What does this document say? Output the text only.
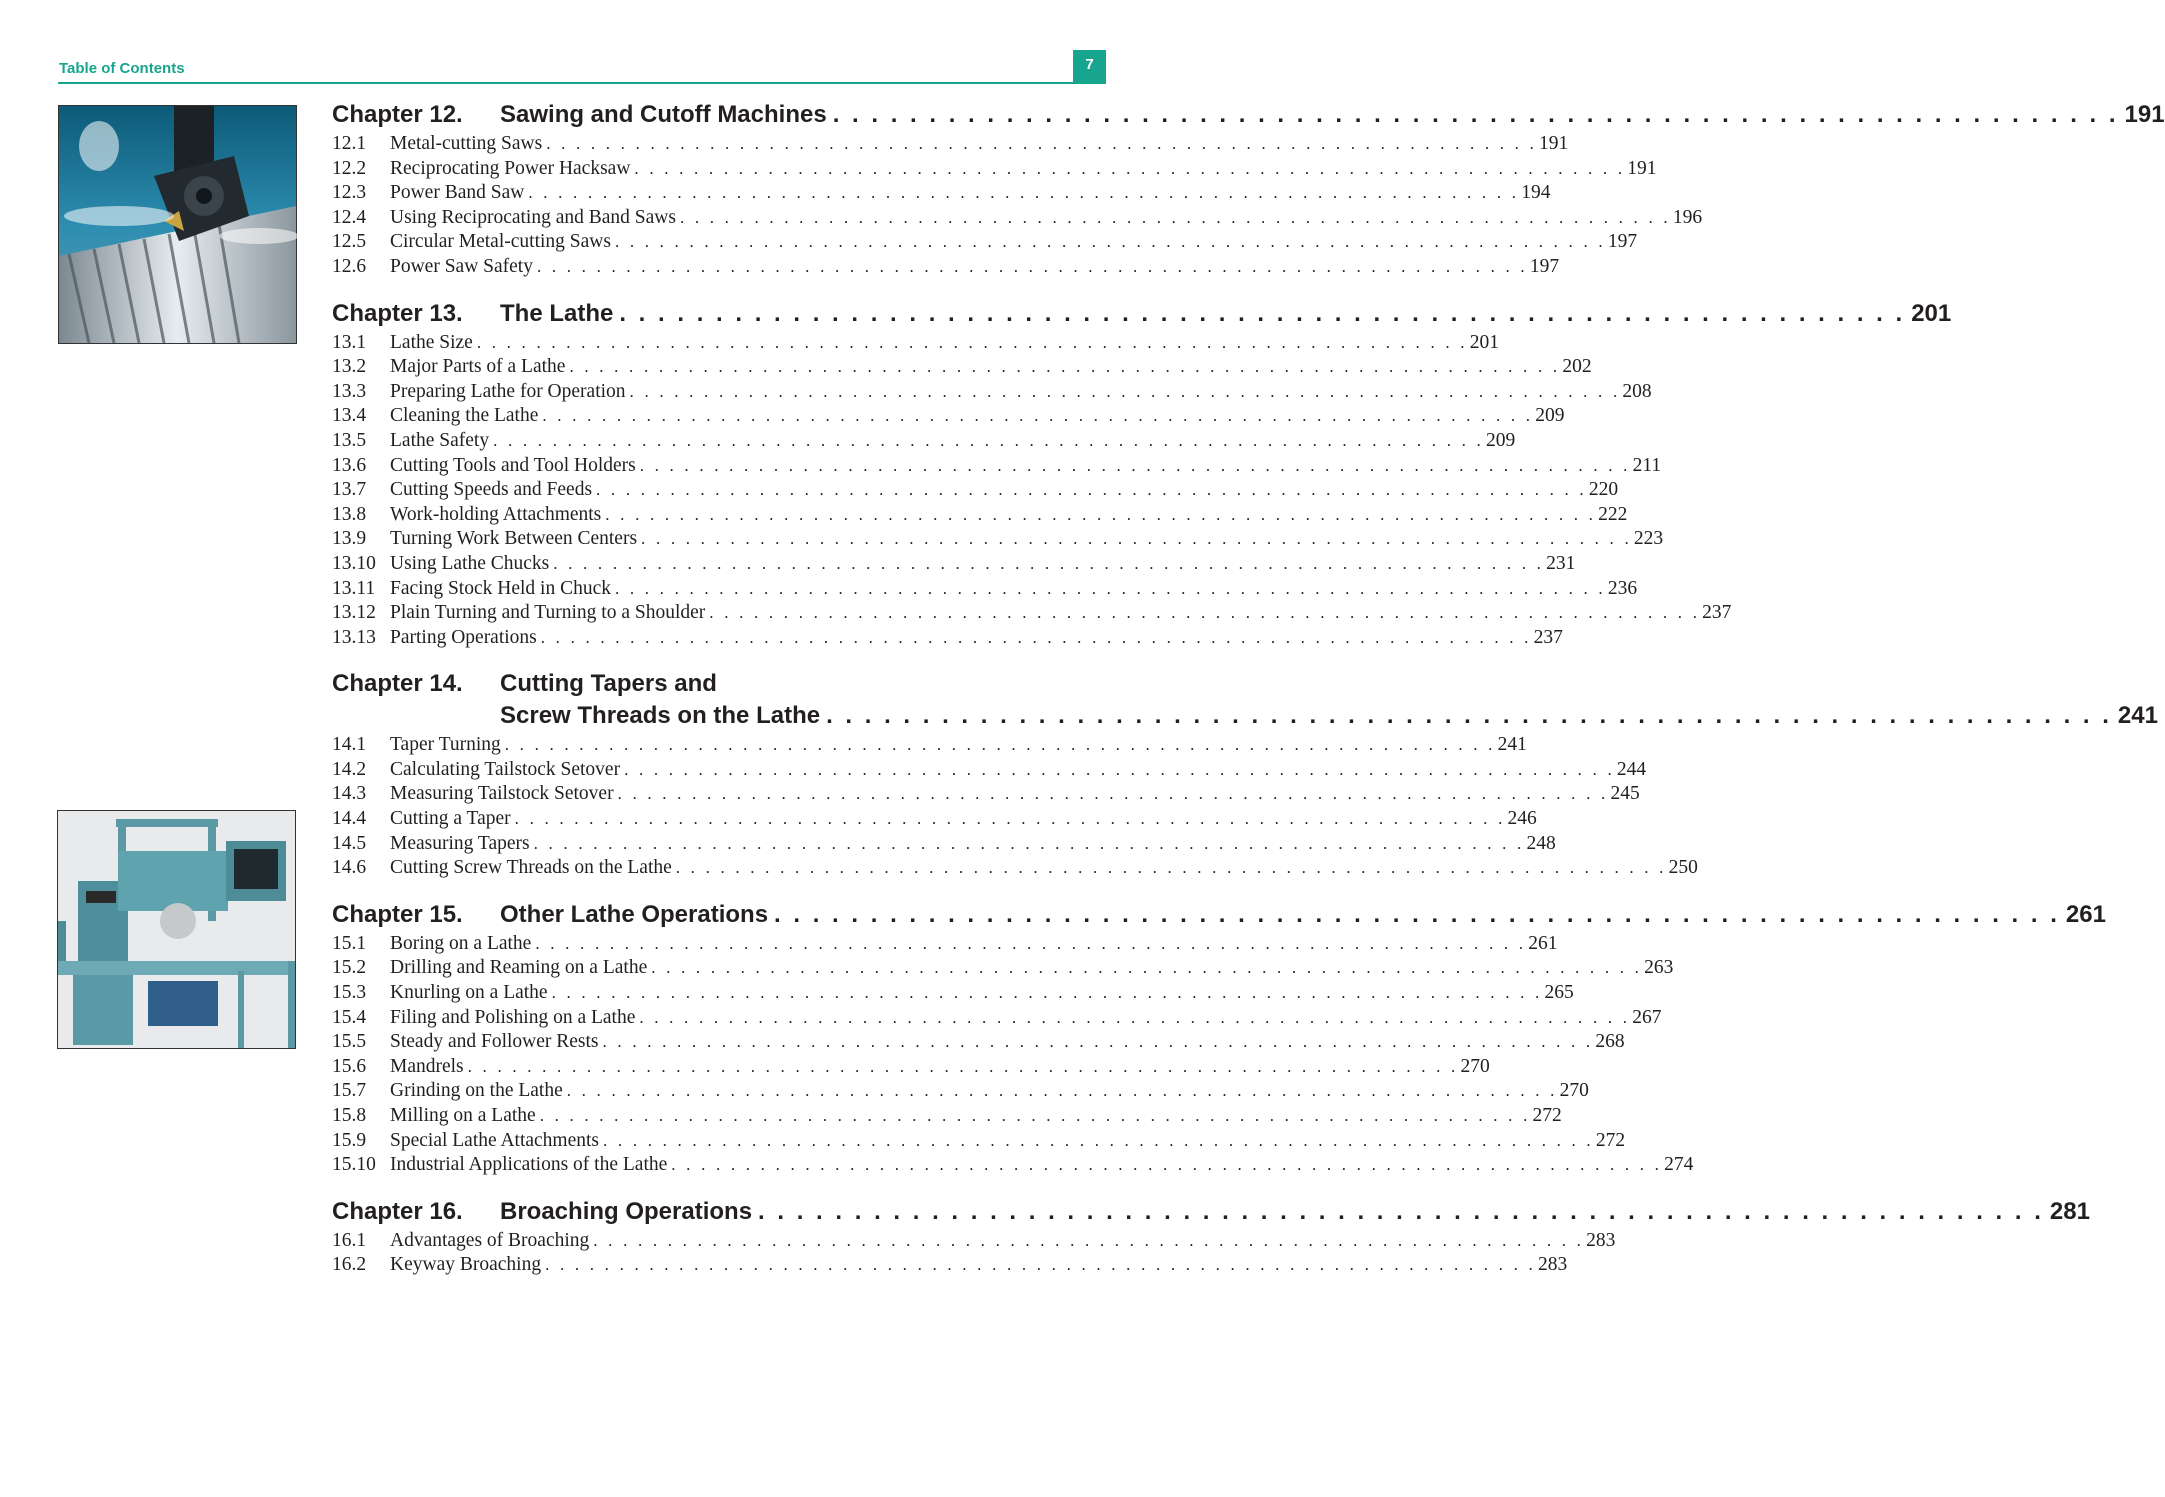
Table of Contents	7
Chapter 12.	Sawing and Cutoff Machines . . . . . . . . . . . . . . . . . . . . . . . . . . . . . . . . . . . . . . . . . . . . . . . . . . . . . . . . . . . . . . . . . . . 191
12.1	Metal-cutting Saws . . . . . . . . . . . . . . . . . . . . . . . . . . . . . . . . . . . . . . . . . . . . . . . . . . . . . . . . . . . . . . . . . . . 191
12.2	Reciprocating Power Hacksaw . . . . . . . . . . . . . . . . . . . . . . . . . . . . . . . . . . . . . . . . . . . . . . . . . . . . . . . . . . . . . . . . . . . 191
12.3	Power Band Saw . . . . . . . . . . . . . . . . . . . . . . . . . . . . . . . . . . . . . . . . . . . . . . . . . . . . . . . . . . . . . . . . . . . 194
12.4	Using Reciprocating and Band Saws . . . . . . . . . . . . . . . . . . . . . . . . . . . . . . . . . . . . . . . . . . . . . . . . . . . . . . . . . . . . . . . . . . . 196
12.5	Circular Metal-cutting Saws . . . . . . . . . . . . . . . . . . . . . . . . . . . . . . . . . . . . . . . . . . . . . . . . . . . . . . . . . . . . . . . . . . . 197
12.6	Power Saw Safety . . . . . . . . . . . . . . . . . . . . . . . . . . . . . . . . . . . . . . . . . . . . . . . . . . . . . . . . . . . . . . . . . . . 197
Chapter 13.	The Lathe . . . . . . . . . . . . . . . . . . . . . . . . . . . . . . . . . . . . . . . . . . . . . . . . . . . . . . . . . . . . . . . . . . . 201
13.1	Lathe Size . . . . . . . . . . . . . . . . . . . . . . . . . . . . . . . . . . . . . . . . . . . . . . . . . . . . . . . . . . . . . . . . . . . 201
13.2	Major Parts of a Lathe . . . . . . . . . . . . . . . . . . . . . . . . . . . . . . . . . . . . . . . . . . . . . . . . . . . . . . . . . . . . . . . . . . . 202
13.3	Preparing Lathe for Operation . . . . . . . . . . . . . . . . . . . . . . . . . . . . . . . . . . . . . . . . . . . . . . . . . . . . . . . . . . . . . . . . . . . 208
13.4	Cleaning the Lathe . . . . . . . . . . . . . . . . . . . . . . . . . . . . . . . . . . . . . . . . . . . . . . . . . . . . . . . . . . . . . . . . . . . 209
13.5	Lathe Safety . . . . . . . . . . . . . . . . . . . . . . . . . . . . . . . . . . . . . . . . . . . . . . . . . . . . . . . . . . . . . . . . . . . 209
13.6	Cutting Tools and Tool Holders . . . . . . . . . . . . . . . . . . . . . . . . . . . . . . . . . . . . . . . . . . . . . . . . . . . . . . . . . . . . . . . . . . . 211
13.7	Cutting Speeds and Feeds . . . . . . . . . . . . . . . . . . . . . . . . . . . . . . . . . . . . . . . . . . . . . . . . . . . . . . . . . . . . . . . . . . . 220
13.8	Work-holding Attachments . . . . . . . . . . . . . . . . . . . . . . . . . . . . . . . . . . . . . . . . . . . . . . . . . . . . . . . . . . . . . . . . . . . 222
13.9	Turning Work Between Centers . . . . . . . . . . . . . . . . . . . . . . . . . . . . . . . . . . . . . . . . . . . . . . . . . . . . . . . . . . . . . . . . . . . 223
13.10 Using Lathe Chucks . . . . . . . . . . . . . . . . . . . . . . . . . . . . . . . . . . . . . . . . . . . . . . . . . . . . . . . . . . . . . . . . . . . 231
13.11 Facing Stock Held in Chuck . . . . . . . . . . . . . . . . . . . . . . . . . . . . . . . . . . . . . . . . . . . . . . . . . . . . . . . . . . . . . . . . . . . 236
13.12 Plain Turning and Turning to a Shoulder . . . . . . . . . . . . . . . . . . . . . . . . . . . . . . . . . . . . . . . . . . . . . . . . . . . . . . . . . . . . . . . . . . . 237
13.13 Parting Operations . . . . . . . . . . . . . . . . . . . . . . . . . . . . . . . . . . . . . . . . . . . . . . . . . . . . . . . . . . . . . . . . . . . 237
Chapter 14.	Cutting Tapers and
Screw Threads on the Lathe . . . . . . . . . . . . . . . . . . . . . . . . . . . . . . . . . . . . . . . . . . . . . . . . . . . . . . . . . . . . . . . . . . . 241
14.1	Taper Turning . . . . . . . . . . . . . . . . . . . . . . . . . . . . . . . . . . . . . . . . . . . . . . . . . . . . . . . . . . . . . . . . . . . 241
14.2	Calculating Tailstock Setover . . . . . . . . . . . . . . . . . . . . . . . . . . . . . . . . . . . . . . . . . . . . . . . . . . . . . . . . . . . . . . . . . . . 244
14.3	Measuring Tailstock Setover . . . . . . . . . . . . . . . . . . . . . . . . . . . . . . . . . . . . . . . . . . . . . . . . . . . . . . . . . . . . . . . . . . . 245
14.4	Cutting a Taper . . . . . . . . . . . . . . . . . . . . . . . . . . . . . . . . . . . . . . . . . . . . . . . . . . . . . . . . . . . . . . . . . . . 246
14.5	Measuring Tapers . . . . . . . . . . . . . . . . . . . . . . . . . . . . . . . . . . . . . . . . . . . . . . . . . . . . . . . . . . . . . . . . . . . 248
14.6	Cutting Screw Threads on the Lathe . . . . . . . . . . . . . . . . . . . . . . . . . . . . . . . . . . . . . . . . . . . . . . . . . . . . . . . . . . . . . . . . . . . 250
Chapter 15.	Other Lathe Operations . . . . . . . . . . . . . . . . . . . . . . . . . . . . . . . . . . . . . . . . . . . . . . . . . . . . . . . . . . . . . . . . . . . 261
15.1	Boring on a Lathe . . . . . . . . . . . . . . . . . . . . . . . . . . . . . . . . . . . . . . . . . . . . . . . . . . . . . . . . . . . . . . . . . . . 261
15.2	Drilling and Reaming on a Lathe . . . . . . . . . . . . . . . . . . . . . . . . . . . . . . . . . . . . . . . . . . . . . . . . . . . . . . . . . . . . . . . . . . . 263
15.3	Knurling on a Lathe . . . . . . . . . . . . . . . . . . . . . . . . . . . . . . . . . . . . . . . . . . . . . . . . . . . . . . . . . . . . . . . . . . . 265
15.4	Filing and Polishing on a Lathe . . . . . . . . . . . . . . . . . . . . . . . . . . . . . . . . . . . . . . . . . . . . . . . . . . . . . . . . . . . . . . . . . . . 267
15.5	Steady and Follower Rests . . . . . . . . . . . . . . . . . . . . . . . . . . . . . . . . . . . . . . . . . . . . . . . . . . . . . . . . . . . . . . . . . . . 268
15.6	Mandrels . . . . . . . . . . . . . . . . . . . . . . . . . . . . . . . . . . . . . . . . . . . . . . . . . . . . . . . . . . . . . . . . . . . 270
15.7	Grinding on the Lathe . . . . . . . . . . . . . . . . . . . . . . . . . . . . . . . . . . . . . . . . . . . . . . . . . . . . . . . . . . . . . . . . . . . 270
15.8	Milling on a Lathe . . . . . . . . . . . . . . . . . . . . . . . . . . . . . . . . . . . . . . . . . . . . . . . . . . . . . . . . . . . . . . . . . . . 272
15.9	Special Lathe Attachments . . . . . . . . . . . . . . . . . . . . . . . . . . . . . . . . . . . . . . . . . . . . . . . . . . . . . . . . . . . . . . . . . . . 272
15.10 Industrial Applications of the Lathe . . . . . . . . . . . . . . . . . . . . . . . . . . . . . . . . . . . . . . . . . . . . . . . . . . . . . . . . . . . . . . . . . . . 274
Chapter 16.	Broaching Operations . . . . . . . . . . . . . . . . . . . . . . . . . . . . . . . . . . . . . . . . . . . . . . . . . . . . . . . . . . . . . . . . . . . 281
16.1	Advantages of Broaching . . . . . . . . . . . . . . . . . . . . . . . . . . . . . . . . . . . . . . . . . . . . . . . . . . . . . . . . . . . . . . . . . . . 283
16.2	Keyway Broaching . . . . . . . . . . . . . . . . . . . . . . . . . . . . . . . . . . . . . . . . . . . . . . . . . . . . . . . . . . . . . . . . . . . 283
